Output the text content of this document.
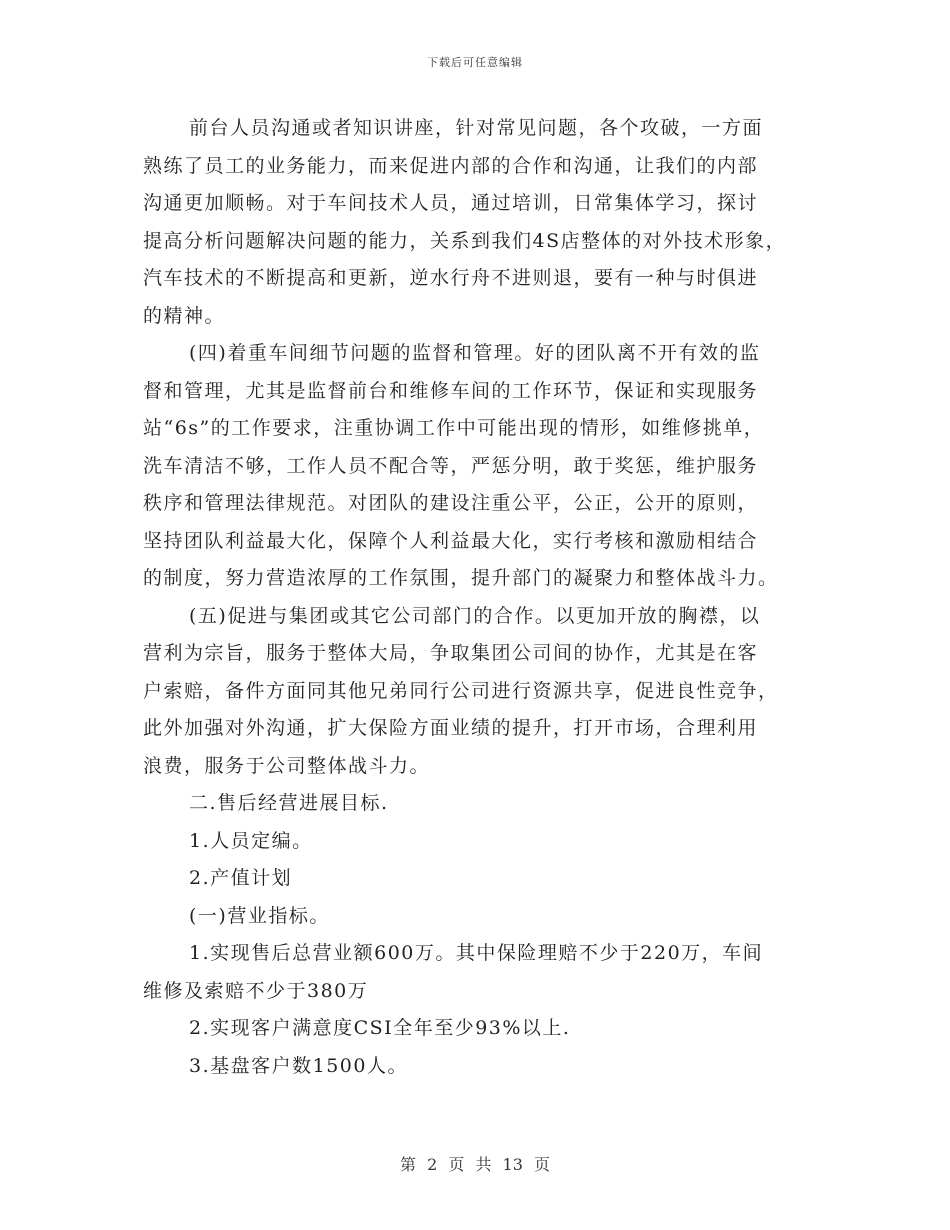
下载后可任意编辑
前台人员沟通或者知识讲座，针对常见问题，各个攻破，一方面
熟练了员工的业务能力，而来促进内部的合作和沟通，让我们的内部
沟通更加顺畅。对于车间技术人员，通过培训，日常集体学习，探讨
提高分析问题解决问题的能力，关系到我们4S店整体的对外技术形象，
汽车技术的不断提高和更新，逆水行舟不进则退，要有一种与时俱进
的精神。
(四)着重车间细节问题的监督和管理。好的团队离不开有效的监
督和管理，尤其是监督前台和维修车间的工作环节，保证和实现服务
站“6s”的工作要求，注重协调工作中可能出现的情形，如维修挑单，
洗车清洁不够，工作人员不配合等，严惩分明，敢于奖惩，维护服务
秩序和管理法律规范。对团队的建设注重公平，公正，公开的原则，
坚持团队利益最大化，保障个人利益最大化，实行考核和激励相结合
的制度，努力营造浓厚的工作氛围，提升部门的凝聚力和整体战斗力。
(五)促进与集团或其它公司部门的合作。以更加开放的胸襟，以
营利为宗旨，服务于整体大局，争取集团公司间的协作，尤其是在客
户索赔，备件方面同其他兄弟同行公司进行资源共享，促进良性竞争，
此外加强对外沟通，扩大保险方面业绩的提升，打开市场，合理利用
浪费，服务于公司整体战斗力。
二.售后经营进展目标.
1.人员定编。
2.产值计划
(一)营业指标。
1.实现售后总营业额600万。其中保险理赔不少于220万，车间
维修及索赔不少于380万
2.实现客户满意度CSI全年至少93%以上.
3.基盘客户数1500人。
第 2 页 共 13 页
